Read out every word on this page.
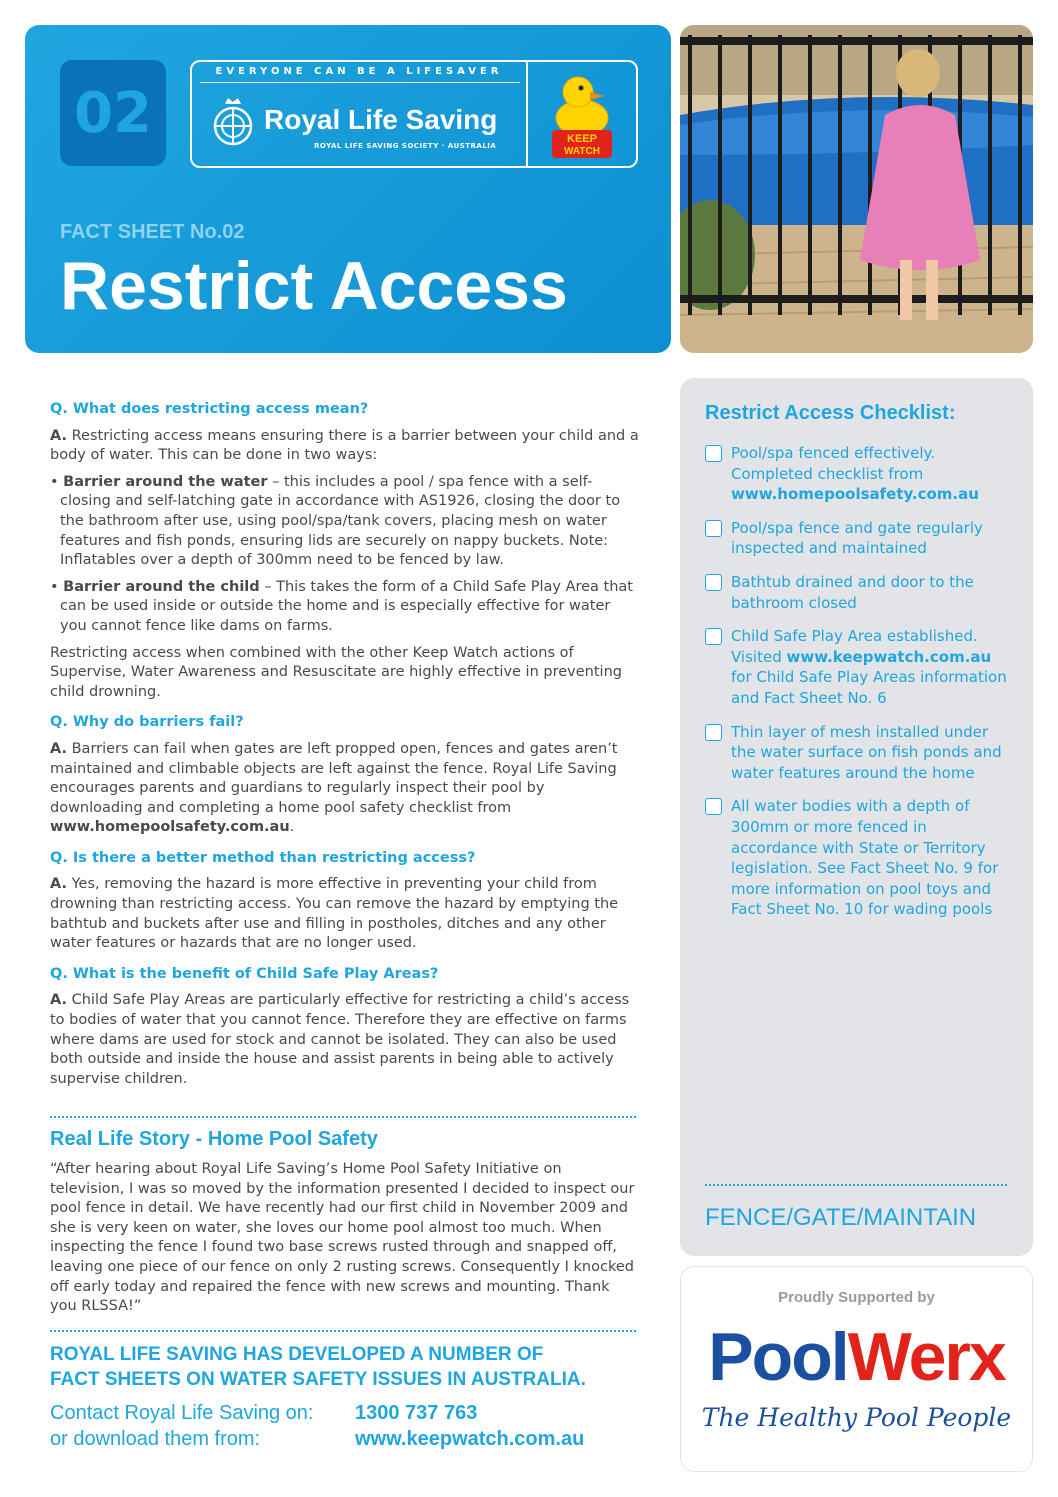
02
EVERYONE CAN BE A LIFESAVER
Royal Life Saving
ROYAL LIFE SAVING SOCIETY · AUSTRALIA
KEEP
WATCH
FACT SHEET No.02
Restrict Access
Q. What does restricting access mean?
A. Restricting access means ensuring there is a barrier between your child and a body of water. This can be done in two ways:
• Barrier around the water – this includes a pool / spa fence with a self-closing and self-latching gate in accordance with AS1926, closing the door to the bathroom after use, using pool/spa/tank covers, placing mesh on water features and fish ponds, ensuring lids are securely on nappy buckets. Note: Inflatables over a depth of 300mm need to be fenced by law.
• Barrier around the child – This takes the form of a Child Safe Play Area that can be used inside or outside the home and is especially effective for water you cannot fence like dams on farms.
Restricting access when combined with the other Keep Watch actions of Supervise, Water Awareness and Resuscitate are highly effective in preventing child drowning.
Q. Why do barriers fail?
A. Barriers can fail when gates are left propped open, fences and gates aren’t maintained and climbable objects are left against the fence. Royal Life Saving encourages parents and guardians to regularly inspect their pool by downloading and completing a home pool safety checklist from www.homepoolsafety.com.au.
Q. Is there a better method than restricting access?
A. Yes, removing the hazard is more effective in preventing your child from drowning than restricting access. You can remove the hazard by emptying the bathtub and buckets after use and filling in postholes, ditches and any other water features or hazards that are no longer used.
Q. What is the benefit of Child Safe Play Areas?
A. Child Safe Play Areas are particularly effective for restricting a child’s access to bodies of water that you cannot fence. Therefore they are effective on farms where dams are used for stock and cannot be isolated. They can also be used both outside and inside the house and assist parents in being able to actively supervise children.
Real Life Story - Home Pool Safety
“After hearing about Royal Life Saving’s Home Pool Safety Initiative on television, I was so moved by the information presented I decided to inspect our pool fence in detail. We have recently had our first child in November 2009 and she is very keen on water, she loves our home pool almost too much. When inspecting the fence I found two base screws rusted through and snapped off, leaving one piece of our fence on only 2 rusting screws. Consequently I knocked off early today and repaired the fence with new screws and mounting. Thank you RLSSA!”
ROYAL LIFE SAVING HAS DEVELOPED A NUMBER OF
FACT SHEETS ON WATER SAFETY ISSUES IN AUSTRALIA.
Contact Royal Life Saving on:
or download them from:
1300 737 763
www.keepwatch.com.au
Restrict Access Checklist:
Pool/spa fenced effectively. Completed checklist from www.homepoolsafety.com.au
Pool/spa fence and gate regularly inspected and maintained
Bathtub drained and door to the bathroom closed
Child Safe Play Area established. Visited www.keepwatch.com.au for Child Safe Play Areas information and Fact Sheet No. 6
Thin layer of mesh installed under the water surface on fish ponds and water features around the home
All water bodies with a depth of 300mm or more fenced in accordance with State or Territory legislation. See Fact Sheet No. 9 for more information on pool toys and Fact Sheet No. 10 for wading pools
FENCE/GATE/MAINTAIN
Proudly Supported by
PoolWerx
The Healthy Pool People
